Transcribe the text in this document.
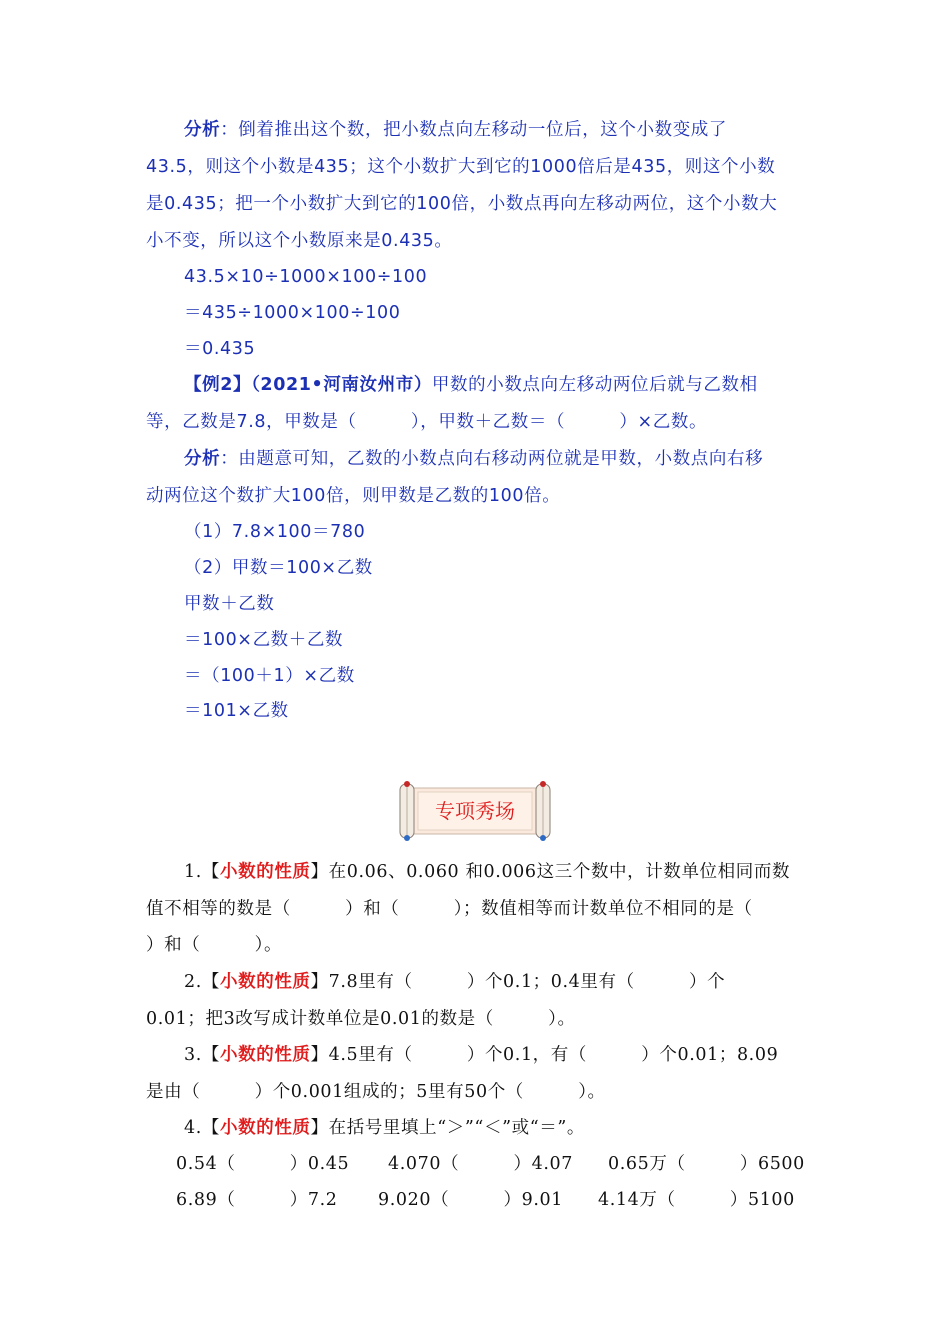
分析：倒着推出这个数，把小数点向左移动一位后，这个小数变成了
43.5，则这个小数是435；这个小数扩大到它的1000倍后是435，则这个小数
是0.435；把一个小数扩大到它的100倍，小数点再向左移动两位，这个小数大
小不变，所以这个小数原来是0.435。
43.5×10÷1000×100÷100
＝435÷1000×100÷100
＝0.435
【例2】（2021•河南汝州市）甲数的小数点向左移动两位后就与乙数相
等，乙数是7.8，甲数是（　　　），甲数＋乙数＝（　　　）×乙数。
分析：由题意可知，乙数的小数点向右移动两位就是甲数，小数点向右移
动两位这个数扩大100倍，则甲数是乙数的100倍。
（1）7.8×100＝780
（2）甲数＝100×乙数
甲数＋乙数
＝100×乙数＋乙数
＝（100＋1）×乙数
＝101×乙数
专项秀场
1.【小数的性质】在0.06、0.060 和0.006这三个数中，计数单位相同而数
值不相等的数是（　　　）和（　　　）；数值相等而计数单位不相同的是（
）和（　　　）。
2.【小数的性质】7.8里有（　　　）个0.1；0.4里有（　　　）个
0.01；把3改写成计数单位是0.01的数是（　　　）。
3.【小数的性质】4.5里有（　　　）个0.1，有（　　　）个0.01；8.09
是由（　　　）个0.001组成的；5里有50个（　　　）。
4.【小数的性质】在括号里填上“＞”“＜”或“＝”。
0.54（　　　）0.45	4.070（　　　）4.07	0.65万（　　　）6500
6.89（　　　）7.2	9.020（　　　）9.01	4.14万（　　　）5100
